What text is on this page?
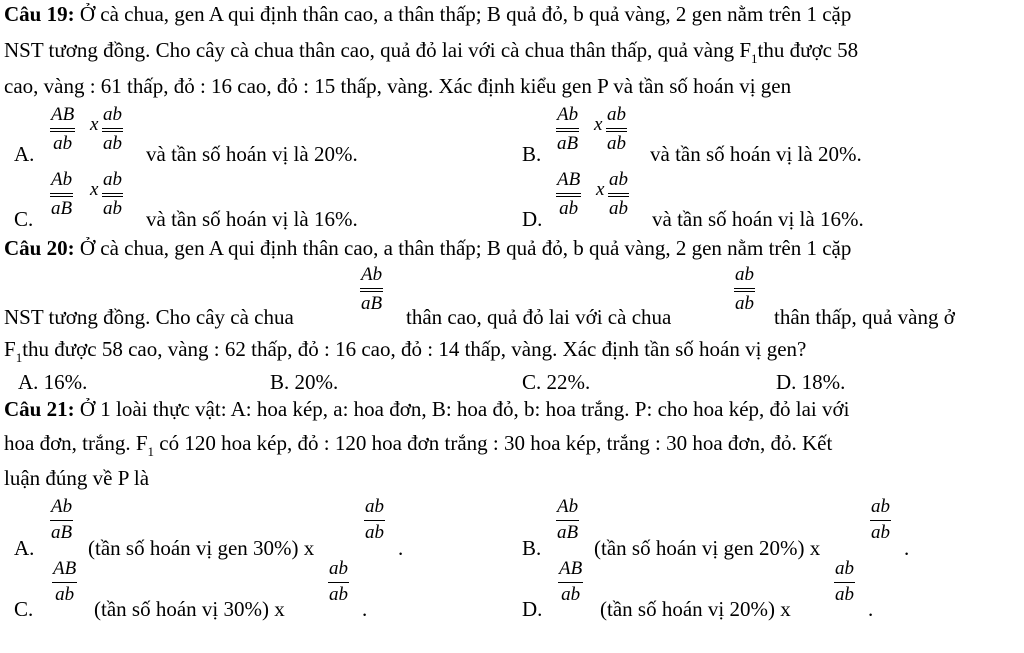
Câu 19: Ở cà chua, gen A qui định thân cao, a thân thấp; B quả đỏ, b quả vàng, 2 gen nằm trên 1 cặp
NST tương đồng. Cho cây cà chua thân cao, quả đỏ lai với cà chua thân thấp, quả vàng $F_1thu$ được 58
cao, vàng : 61 thấp, đỏ : 16 cao, đỏ : 15 thấp, vàng. Xác định kiểu gen P và tần số hoán vị gen
A.
AB
ab
x ab
ab và tần số hoán vị là 20%.	B.
Ab
aB
x ab
ab và tần số hoán vị là 20%.
C.
Ab
aB
x ab
ab và tần số hoán vị là 16%.	D.
AB
ab
x ab
ab và tần số hoán vị là 16%.
Câu 20: Ở cà chua, gen A qui định thân cao, a thân thấp; B quả đỏ, b quả vàng, 2 gen nằm trên 1 cặp
NST tương đồng. Cho cây cà chua
Ab
aB
thân cao, quả đỏ lai với cà chua
ab
ab
thân thấp, quả vàng ở
$F_1thu$ được 58 cao, vàng : 62 thấp, đỏ : 16 cao, đỏ : 14 thấp, vàng. Xác định tần số hoán vị gen?
A. 16%.	B. 20%.	C. 22%.	D. 18%.
Câu 21: Ở 1 loài thực vật: A: hoa kép, a: hoa đơn, B: hoa đỏ, b: hoa trắng. P: cho hoa kép, đỏ lai với
hoa đơn, trắng. $F_1$ có 120 hoa kép, đỏ : 120 hoa đơn trắng : 30 hoa kép, trắng : 30 hoa đơn, đỏ. Kết
luận đúng về P là
A.
Ab
aB
(tần số hoán vị gen 30%) x
ab
ab
.	B.
Ab
aB
(tần số hoán vị gen 20%) x
ab
ab
.
C.
AB
ab
(tần số hoán vị 30%) x
ab
ab
.	D.
AB
ab
(tần số hoán vị 20%) x
ab
ab
.
